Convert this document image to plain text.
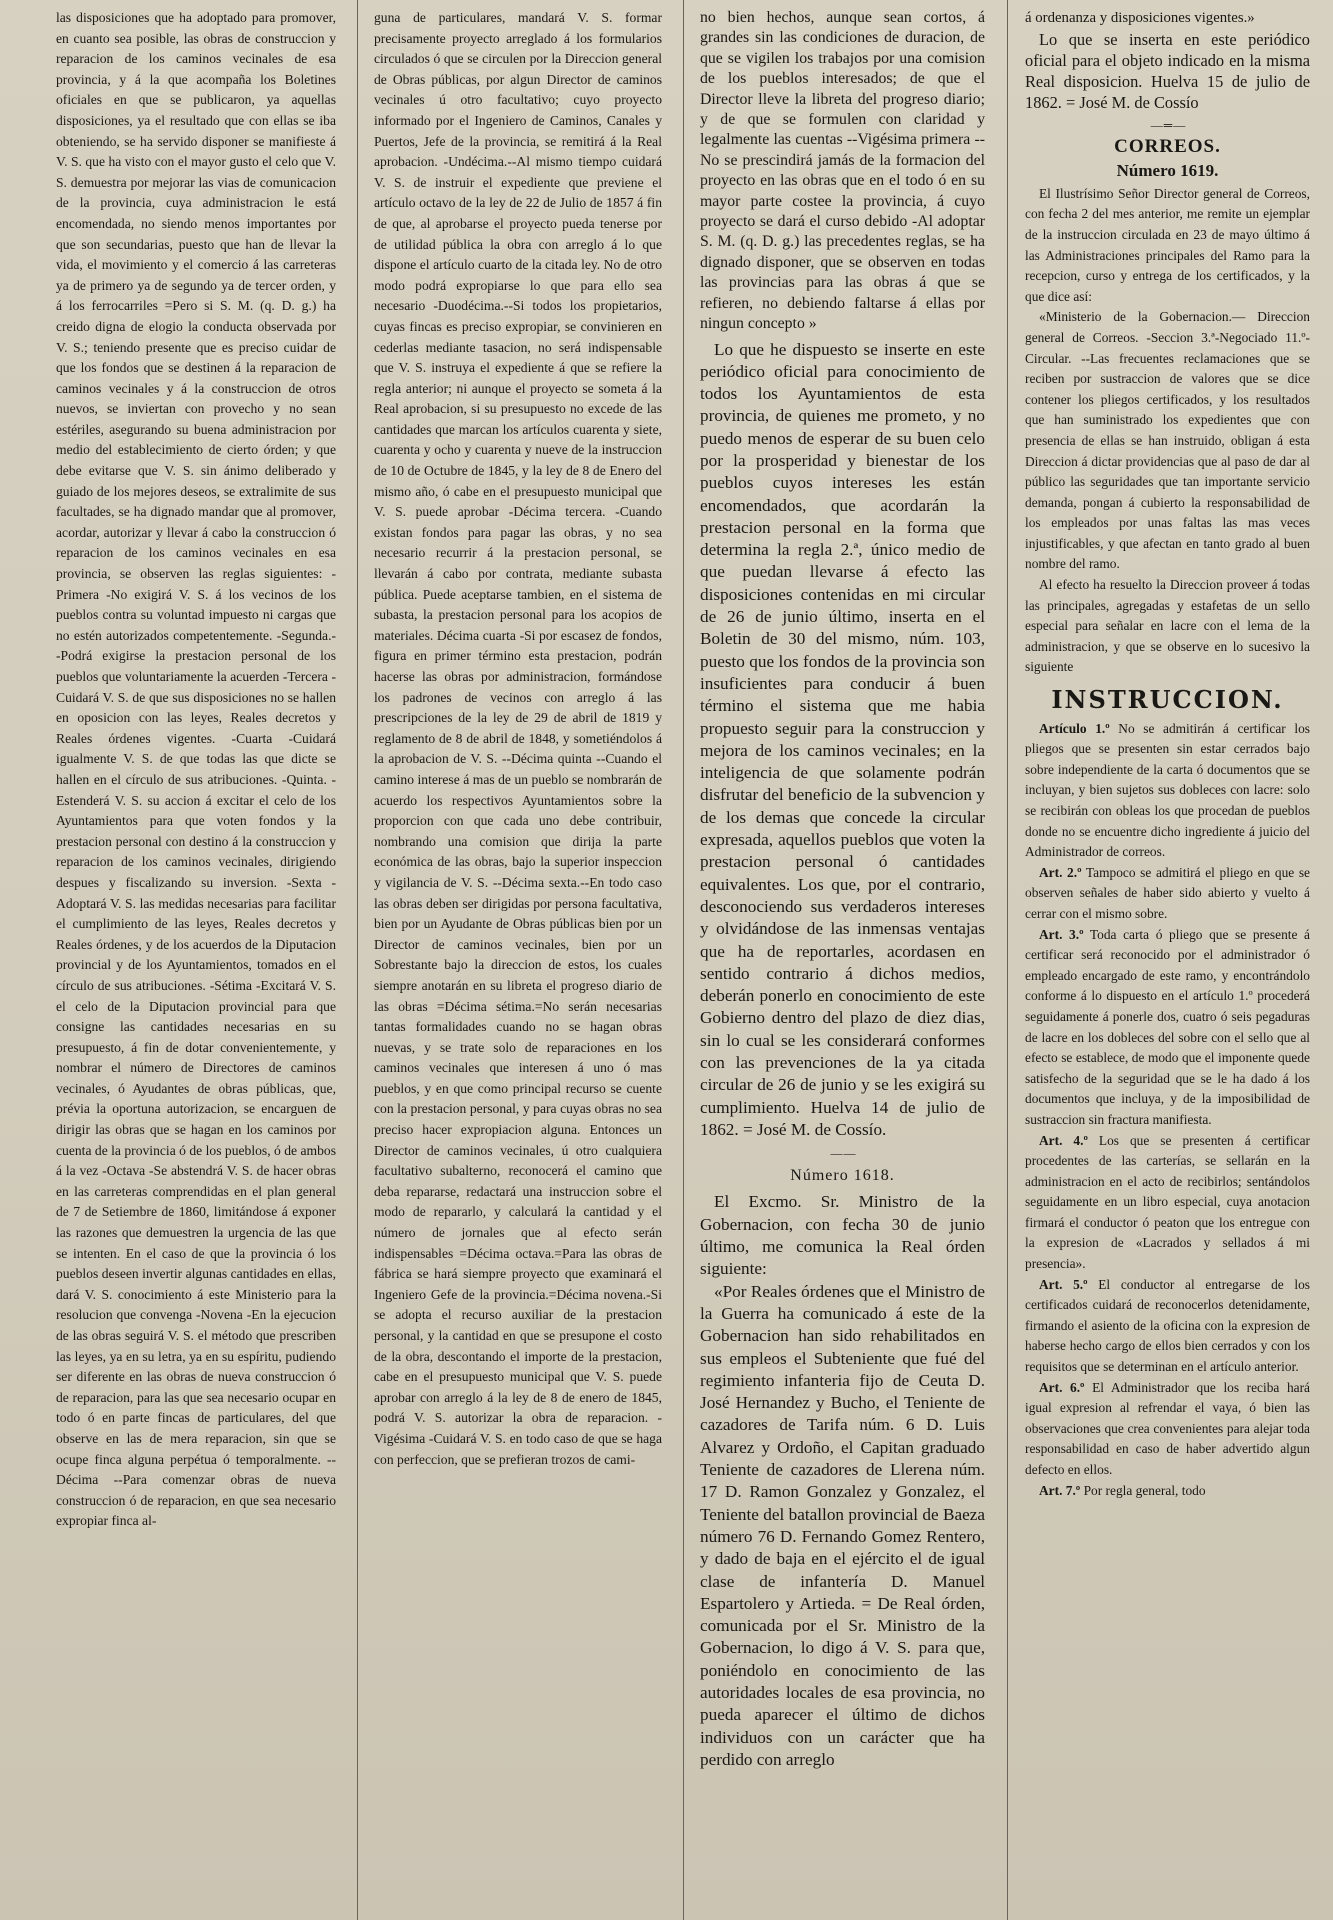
las disposiciones que ha adoptado para promover, en cuanto sea posible, las obras de construccion y reparacion de los caminos vecinales de esa provincia, y á la que acompaña los Boletines oficiales en que se publicaron, ya aquellas disposiciones, ya el resultado que con ellas se iba obteniendo, se ha servido disponer se manifieste á V. S. que ha visto con el mayor gusto el celo que V. S. demuestra por mejorar las vias de comunicacion de la provincia, cuya administracion le está encomendada, no siendo menos importantes por que son secundarias, puesto que han de llevar la vida, el movimiento y el comercio á las carreteras ya de primero ya de segundo ya de tercer orden, y á los ferrocarriles =Pero si S. M. (q. D. g.) ha creido digna de elogio la conducta observada por V. S.; teniendo presente que es preciso cuidar de que los fondos que se destinen á la reparacion de caminos vecinales y á la construccion de otros nuevos, se inviertan con provecho y no sean estériles, asegurando su buena administracion por medio del establecimiento de cierto órden; y que debe evitarse que V. S. sin ánimo deliberado y guiado de los mejores deseos, se extralimite de sus facultades, se ha dignado mandar que al promover, acordar, autorizar y llevar á cabo la construccion ó reparacion de los caminos vecinales en esa provincia, se observen las reglas siguientes: -Primera -No exigirá V. S. á los vecinos de los pueblos contra su voluntad impuesto ni cargas que no estén autorizados competentemente. -Segunda.--Podrá exigirse la prestacion personal de los pueblos que voluntariamente la acuerden -Tercera -Cuidará V. S. de que sus disposiciones no se hallen en oposicion con las leyes, Reales decretos y Reales órdenes vigentes. -Cuarta -Cuidará igualmente V. S. de que todas las que dicte se hallen en el círculo de sus atribuciones. -Quinta. -Estenderá V. S. su accion á excitar el celo de los Ayuntamientos para que voten fondos y la prestacion personal con destino á la construccion y reparacion de los caminos vecinales, dirigiendo despues y fiscalizando su inversion. -Sexta -Adoptará V. S. las medidas necesarias para facilitar el cumplimiento de las leyes, Reales decretos y Reales órdenes, y de los acuerdos de la Diputacion provincial y de los Ayuntamientos, tomados en el círculo de sus atribuciones. -Sétima -Excitará V. S. el celo de la Diputacion provincial para que consigne las cantidades necesarias en su presupuesto, á fin de dotar convenientemente, y nombrar el número de Directores de caminos vecinales, ó Ayudantes de obras públicas, que, prévia la oportuna autorizacion, se encarguen de dirigir las obras que se hagan en los caminos por cuenta de la provincia ó de los pueblos, ó de ambos á la vez -Octava -Se abstendrá V. S. de hacer obras en las carreteras comprendidas en el plan general de 7 de Setiembre de 1860, limitándose á exponer las razones que demuestren la urgencia de las que se intenten. En el caso de que la provincia ó los pueblos deseen invertir algunas cantidades en ellas, dará V. S. conocimiento á este Ministerio para la resolucion que convenga -Novena -En la ejecucion de las obras seguirá V. S. el método que prescriben las leyes, ya en su letra, ya en su espíritu, pudiendo ser diferente en las obras de nueva construccion ó de reparacion, para las que sea necesario ocupar en todo ó en parte fincas de particulares, del que observe en las de mera reparacion, sin que se ocupe finca alguna perpétua ó temporalmente. --Décima --Para comenzar obras de nueva construccion ó de reparacion, en que sea necesario expropiar finca al-

guna de particulares, mandará V. S. formar precisamente proyecto arreglado á los formularios circulados ó que se circulen por la Direccion general de Obras públicas, por algun Director de caminos vecinales ú otro facultativo; cuyo proyecto informado por el Ingeniero de Caminos, Canales y Puertos, Jefe de la provincia, se remitirá á la Real aprobacion. -Undécima.--Al mismo tiempo cuidará V. S. de instruir el expediente que previene el artículo octavo de la ley de 22 de Julio de 1857 á fin de que, al aprobarse el proyecto pueda tenerse por de utilidad pública la obra con arreglo á lo que dispone el artículo cuarto de la citada ley. No de otro modo podrá expropiarse lo que para ello sea necesario -Duodécima.--Si todos los propietarios, cuyas fincas es preciso expropiar, se convinieren en cederlas mediante tasacion, no será indispensable que V. S. instruya el expediente á que se refiere la regla anterior; ni aunque el proyecto se someta á la Real aprobacion, si su presupuesto no excede de las cantidades que marcan los artículos cuarenta y siete, cuarenta y ocho y cuarenta y nueve de la instruccion de 10 de Octubre de 1845, y la ley de 8 de Enero del mismo año, ó cabe en el presupuesto municipal que V. S. puede aprobar -Décima tercera. -Cuando existan fondos para pagar las obras, y no sea necesario recurrir á la prestacion personal, se llevarán á cabo por contrata, mediante subasta pública. Puede aceptarse tambien, en el sistema de subasta, la prestacion personal para los acopios de materiales. Décima cuarta -Si por escasez de fondos, figura en primer término esta prestacion, podrán hacerse las obras por administracion, formándose los padrones de vecinos con arreglo á las prescripciones de la ley de 29 de abril de 1819 y reglamento de 8 de abril de 1848, y sometiéndolos á la aprobacion de V. S. --Décima quinta --Cuando el camino interese á mas de un pueblo se nombrarán de acuerdo los respectivos Ayuntamientos sobre la proporcion con que cada uno debe contribuir, nombrando una comision que dirija la parte económica de las obras, bajo la superior inspeccion y vigilancia de V. S. --Décima sexta.--En todo caso las obras deben ser dirigidas por persona facultativa, bien por un Ayudante de Obras públicas bien por un Director de caminos vecinales, bien por un Sobrestante bajo la direccion de estos, los cuales siempre anotarán en su libreta el progreso diario de las obras =Décima sétima.=No serán necesarias tantas formalidades cuando no se hagan obras nuevas, y se trate solo de reparaciones en los caminos vecinales que interesen á uno ó mas pueblos, y en que como principal recurso se cuente con la prestacion personal, y para cuyas obras no sea preciso hacer expropiacion alguna. Entonces un Director de caminos vecinales, ú otro cualquiera facultativo subalterno, reconocerá el camino que deba repararse, redactará una instruccion sobre el modo de repararlo, y calculará la cantidad y el número de jornales que al efecto serán indispensables =Décima octava.=Para las obras de fábrica se hará siempre proyecto que examinará el Ingeniero Gefe de la provincia.=Décima novena.-Si se adopta el recurso auxiliar de la prestacion personal, y la cantidad en que se presupone el costo de la obra, descontando el importe de la prestacion, cabe en el presupuesto municipal que V. S. puede aprobar con arreglo á la ley de 8 de enero de 1845, podrá V. S. autorizar la obra de reparacion. -Vigésima -Cuidará V. S. en todo caso de que se haga con perfeccion, que se prefieran trozos de cami-

no bien hechos, aunque sean cortos, á grandes sin las condiciones de duracion, de que se vigilen los trabajos por una comision de los pueblos interesados; de que el Director lleve la libreta del progreso diario; y de que se formulen con claridad y legalmente las cuentas --Vigésima primera --No se prescindirá jamás de la formacion del proyecto en las obras que en el todo ó en su mayor parte costee la provincia, á cuyo proyecto se dará el curso debido -Al adoptar S. M. (q. D. g.) las precedentes reglas, se ha dignado disponer, que se observen en todas las provincias para las obras á que se refieren, no debiendo faltarse á ellas por ningun concepto »

Lo que he dispuesto se inserte en este periódico oficial para conocimiento de todos los Ayuntamientos de esta provincia, de quienes me prometo, y no puedo menos de esperar de su buen celo por la prosperidad y bienestar de los pueblos cuyos intereses les están encomendados, que acordarán la prestacion personal en la forma que determina la regla 2.ª, único medio de que puedan llevarse á efecto las disposiciones contenidas en mi circular de 26 de junio último, inserta en el Boletin de 30 del mismo, núm. 103, puesto que los fondos de la provincia son insuficientes para conducir á buen término el sistema que me habia propuesto seguir para la construccion y mejora de los caminos vecinales; en la inteligencia de que solamente podrán disfrutar del beneficio de la subvencion y de los demas que concede la circular expresada, aquellos pueblos que voten la prestacion personal ó cantidades equivalentes. Los que, por el contrario, desconociendo sus verdaderos intereses y olvidándose de las inmensas ventajas que ha de reportarles, acordasen en sentido contrario á dichos medios, deberán ponerlo en conocimiento de este Gobierno dentro del plazo de diez dias, sin lo cual se les considerará conformes con las prevenciones de la ya citada circular de 26 de junio y se les exigirá su cumplimiento. Huelva 14 de julio de 1862. = José M. de Cossío.

— —
Número 1618.

El Excmo. Sr. Ministro de la Gobernacion, con fecha 30 de junio último, me comunica la Real órden siguiente:

«Por Reales órdenes que el Ministro de la Guerra ha comunicado á este de la Gobernacion han sido rehabilitados en sus empleos el Subteniente que fué del regimiento infanteria fijo de Ceuta D. José Hernandez y Bucho, el Teniente de cazadores de Tarifa núm. 6 D. Luis Alvarez y Ordoño, el Capitan graduado Teniente de cazadores de Llerena núm. 17 D. Ramon Gonzalez y Gonzalez, el Teniente del batallon provincial de Baeza número 76 D. Fernando Gomez Rentero, y dado de baja en el ejército el de igual clase de infantería D. Manuel Espartolero y Artieda. = De Real órden, comunicada por el Sr. Ministro de la Gobernacion, lo digo á V. S. para que, poniéndolo en conocimiento de las autoridades locales de esa provincia, no pueda aparecer el último de dichos individuos con un carácter que ha perdido con arreglo

á ordenanza y disposiciones vigentes.»

Lo que se inserta en este periódico oficial para el objeto indicado en la misma Real disposicion. Huelva 15 de julio de 1862. = José M. de Cossío

— ═ —
CORREOS.
Número 1619.

El Ilustrísimo Señor Director general de Correos, con fecha 2 del mes anterior, me remite un ejemplar de la instruccion circulada en 23 de mayo último á las Administraciones principales del Ramo para la recepcion, curso y entrega de los certificados, y la que dice así:

«Ministerio de la Gobernacion.— Direccion general de Correos. -Seccion 3.ª-Negociado 11.º- Circular. --Las frecuentes reclamaciones que se reciben por sustraccion de valores que se dice contener los pliegos certificados, y los resultados que han suministrado los expedientes que con presencia de ellas se han instruido, obligan á esta Direccion á dictar providencias que al paso de dar al público las seguridades que tan importante servicio demanda, pongan á cubierto la responsabilidad de los empleados por unas faltas las mas veces injustificables, y que afectan en tanto grado al buen nombre del ramo.

Al efecto ha resuelto la Direccion proveer á todas las principales, agregadas y estafetas de un sello especial para señalar en lacre con el lema de la administracion, y que se observe en lo sucesivo la siguiente

INSTRUCCION.

Artículo 1.º No se admitirán á certificar los pliegos que se presenten sin estar cerrados bajo sobre independiente de la carta ó documentos que se incluyan, y bien sujetos sus dobleces con lacre: solo se recibirán con obleas los que procedan de pueblos donde no se encuentre dicho ingrediente á juicio del Administrador de correos.

Art. 2.º Tampoco se admitirá el pliego en que se observen señales de haber sido abierto y vuelto á cerrar con el mismo sobre.

Art. 3.º Toda carta ó pliego que se presente á certificar será reconocido por el administrador ó empleado encargado de este ramo, y encontrándolo conforme á lo dispuesto en el artículo 1.º procederá seguidamente á ponerle dos, cuatro ó seis pegaduras de lacre en los dobleces del sobre con el sello que al efecto se establece, de modo que el imponente quede satisfecho de la seguridad que se le ha dado á los documentos que incluya, y de la imposibilidad de sustraccion sin fractura manifiesta.

Art. 4.º Los que se presenten á certificar procedentes de las carterías, se sellarán en la administracion en el acto de recibirlos; sentándolos seguidamente en un libro especial, cuya anotacion firmará el conductor ó peaton que los entregue con la expresion de «Lacrados y sellados á mi presencia».

Art. 5.º El conductor al entregarse de los certificados cuidará de reconocerlos detenidamente, firmando el asiento de la oficina con la expresion de haberse hecho cargo de ellos bien cerrados y con los requisitos que se determinan en el artículo anterior.

Art. 6.º El Administrador que los reciba hará igual expresion al refrendar el vaya, ó bien las observaciones que crea convenientes para alejar toda responsabilidad en caso de haber advertido algun defecto en ellos.

Art. 7.º Por regla general, todo
